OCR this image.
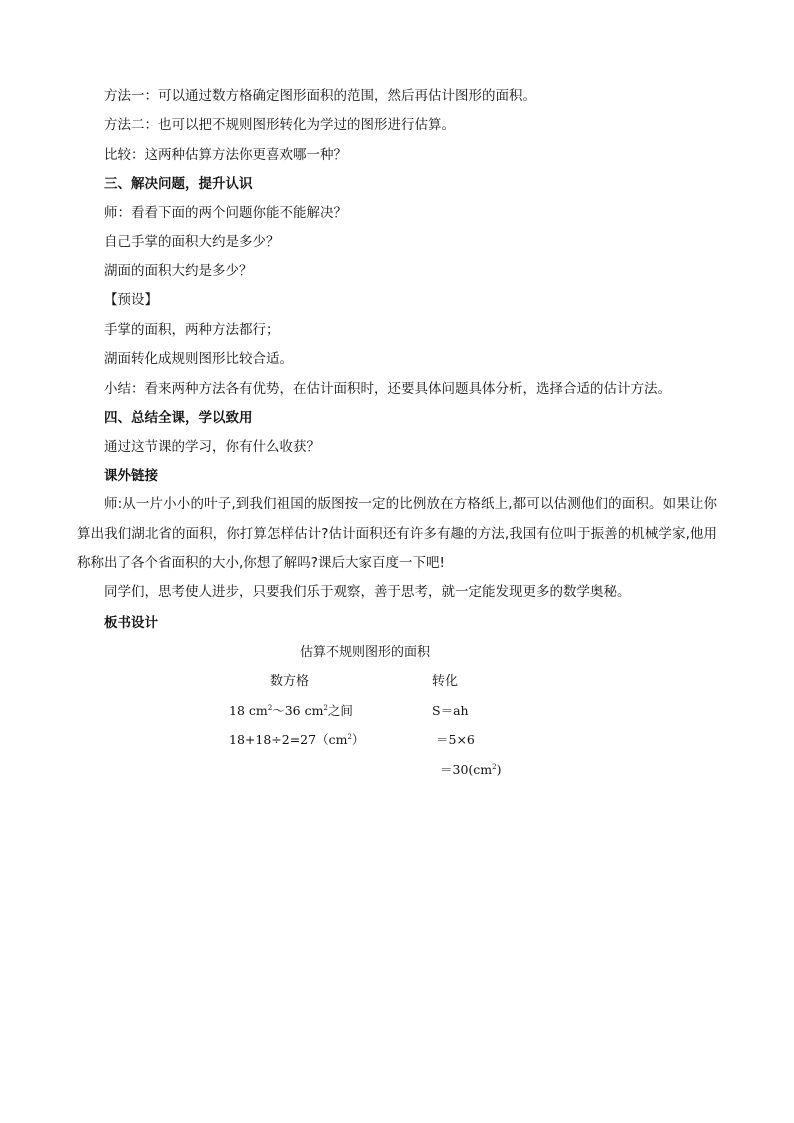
方法一：可以通过数方格确定图形面积的范围，然后再估计图形的面积。
方法二：也可以把不规则图形转化为学过的图形进行估算。
比较：这两种估算方法你更喜欢哪一种？
三、解决问题，提升认识
师：看看下面的两个问题你能不能解决？
自己手掌的面积大约是多少？
湖面的面积大约是多少？
【预设】
手掌的面积，两种方法都行；
湖面转化成规则图形比较合适。
小结：看来两种方法各有优势，在估计面积时，还要具体问题具体分析，选择合适的估计方法。
四、总结全课，学以致用
通过这节课的学习，你有什么收获？
课外链接
师:从一片小小的叶子,到我们祖国的版图按一定的比例放在方格纸上,都可以估测他们的面积。如果让你算出我们湖北省的面积，你打算怎样估计?估计面积还有许多有趣的方法,我国有位叫于振善的机械学家,他用称称出了各个省面积的大小,你想了解吗?课后大家百度一下吧!
同学们，思考使人进步，只要我们乐于观察，善于思考，就一定能发现更多的数学奥秘。
板书设计
估算不规则图形的面积
数方格	转化
18 $cm^2\sim 36$ $cm^2$之间
$18+18\div 2=27(cm^2)$
S＝ah
＝5×6
$=30(cm^2)$
